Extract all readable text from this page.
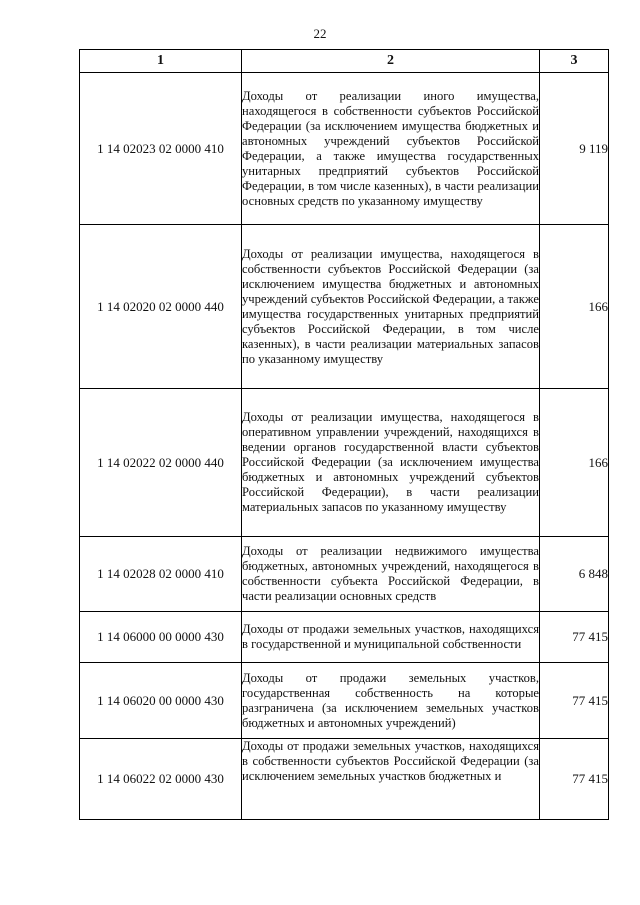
22
1	2	3
1 14 02023 02 0000 410	Доходы от реализации иного имущества, находящегося в собственности субъектов Российской Федерации (за исключением имущества бюджетных и автономных учреждений субъектов Российской Федерации, а также имущества государственных унитарных предприятий субъектов Российской Федерации, в том числе казенных), в части реализации основных средств по указанному имуществу	9 119
1 14 02020 02 0000 440	Доходы от реализации имущества, находящегося в собственности субъектов Российской Федерации (за исключением имущества бюджетных и автономных учреждений субъектов Российской Федерации, а также имущества государственных унитарных предприятий субъектов Российской Федерации, в том числе казенных), в части реализации материальных запасов по указанному имуществу	166
1 14 02022 02 0000 440	Доходы от реализации имущества, находящегося в оперативном управлении учреждений, находящихся в ведении органов государственной власти субъектов Российской Федерации (за исключением имущества бюджетных и автономных учреждений субъектов Российской Федерации), в части реализации материальных запасов по указанному имуществу	166
1 14 02028 02 0000 410	Доходы от реализации недвижимого имущества бюджетных, автономных учреждений, находящегося в собственности субъекта Российской Федерации, в части реализации основных средств	6 848
1 14 06000 00 0000 430	Доходы от продажи земельных участков, находящихся в государственной и муниципальной собственности	77 415
1 14 06020 00 0000 430	Доходы от продажи земельных участков, государственная собственность на которые разграничена (за исключением земельных участков бюджетных и автономных учреждений)	77 415
1 14 06022 02 0000 430	Доходы от продажи земельных участков, находящихся в собственности субъектов Российской Федерации (за исключением земельных участков бюджетных и	77 415
